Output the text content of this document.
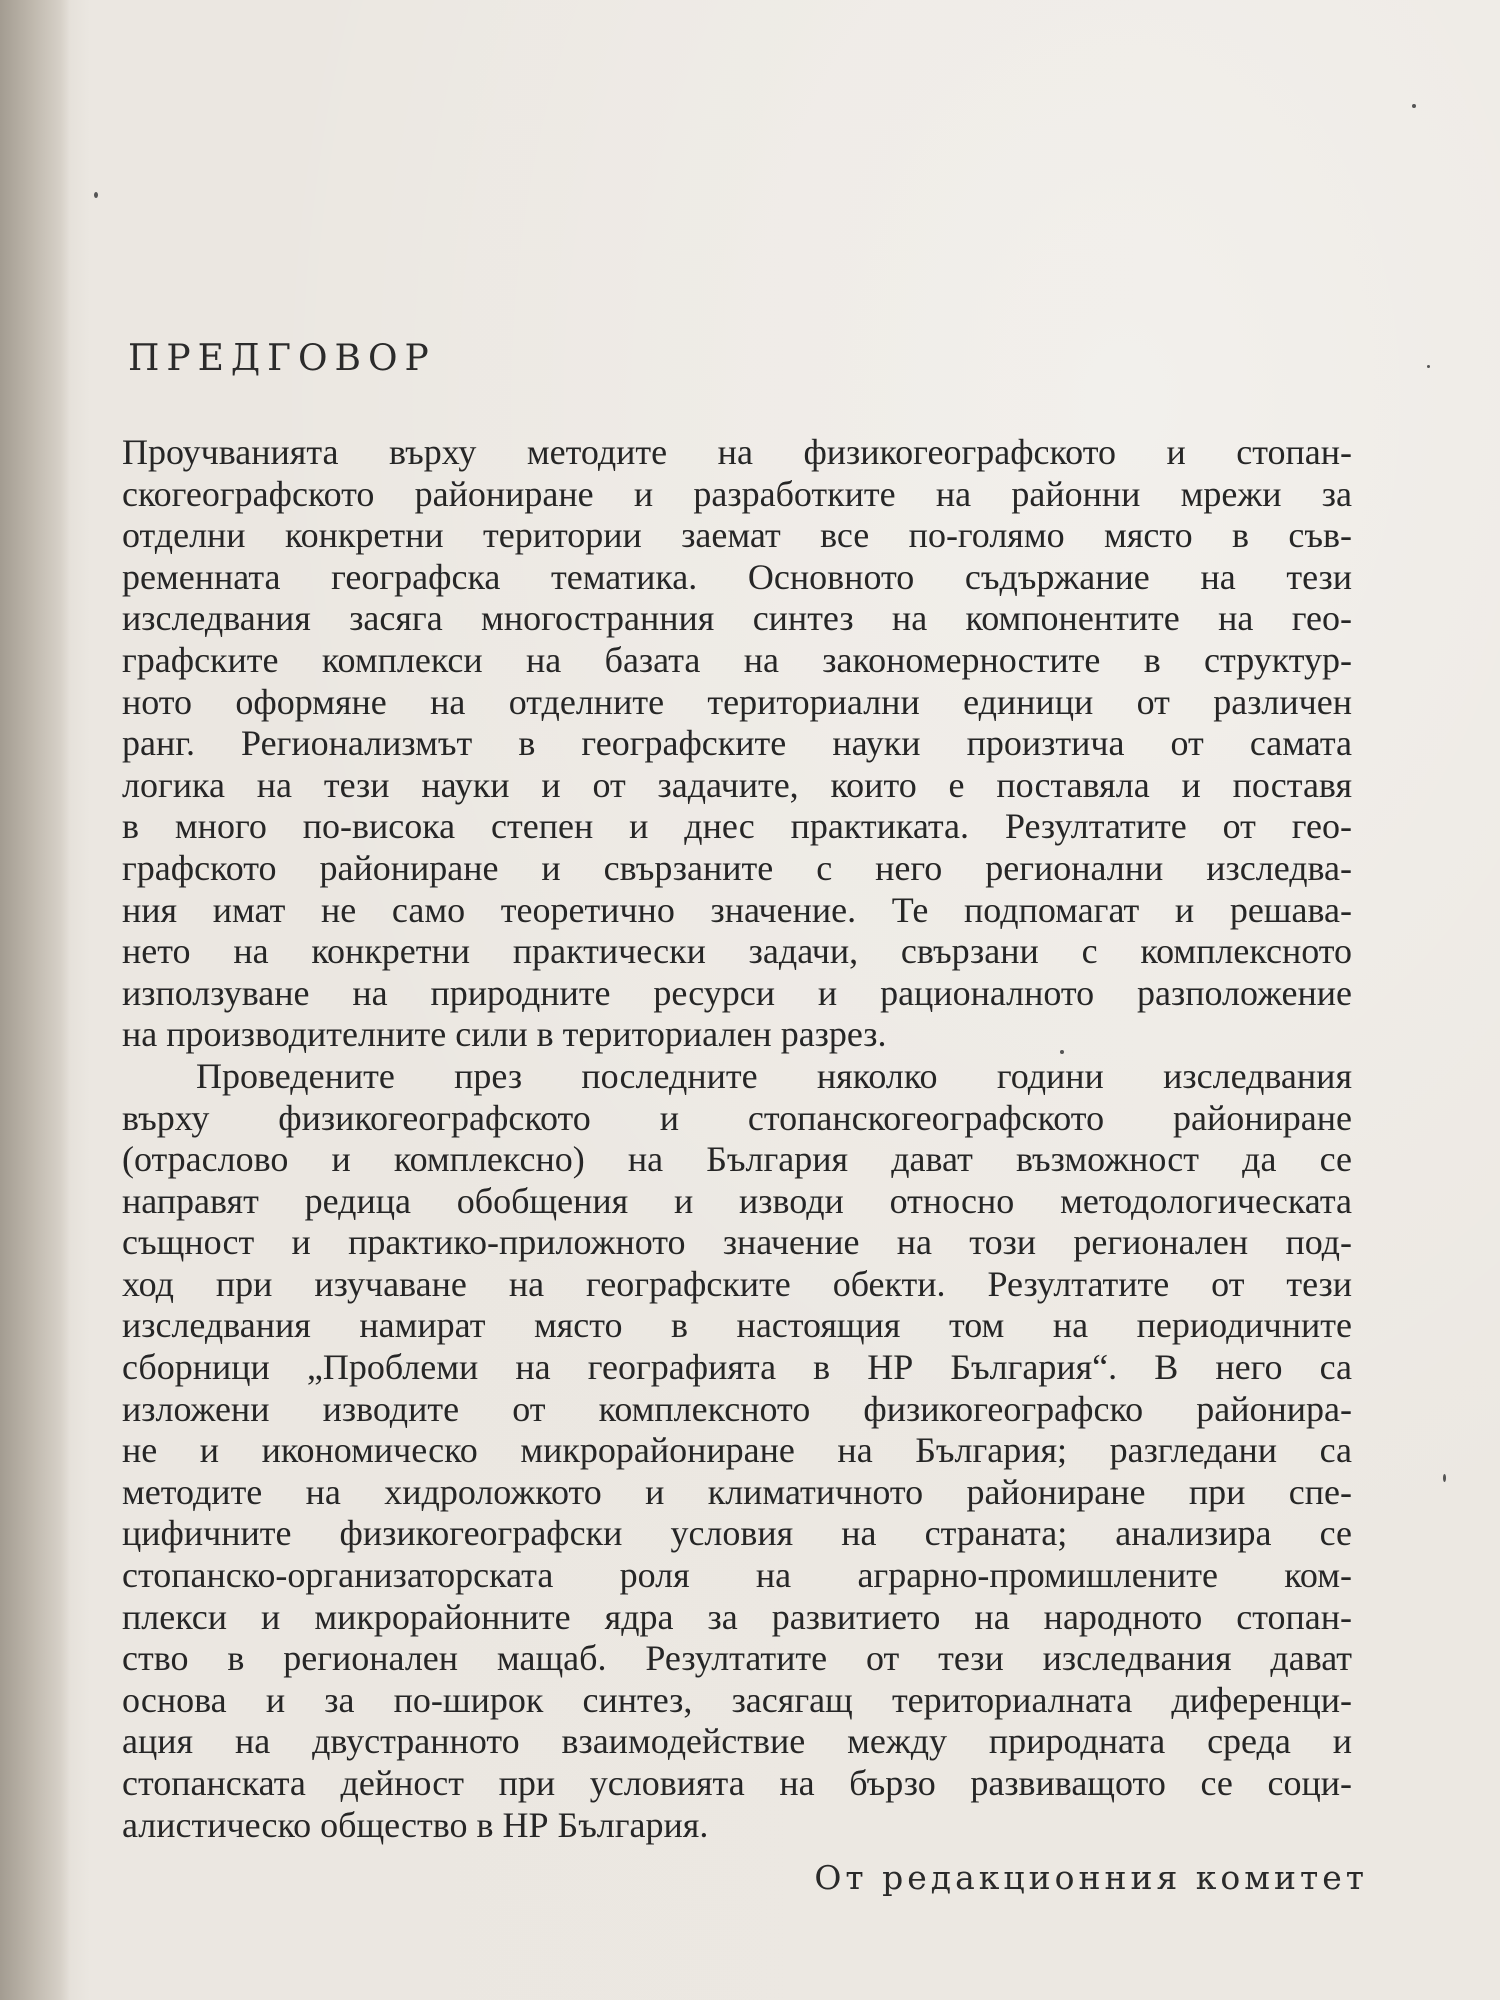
ПРЕДГОВОР
Проучванията върху методите на физикогеографското и стопан-
скогеографското райониране и разработките на районни мрежи за
отделни конкретни територии заемат все по-голямо място в съв-
ременната географска тематика. Основното съдържание на тези
изследвания засяга многостранния синтез на компонентите на гео-
графските комплекси на базата на закономерностите в структур-
ното оформяне на отделните териториални единици от различен
ранг. Регионализмът в географските науки произтича от самата
логика на тези науки и от задачите, които е поставяла и поставя
в много по-висока степен и днес практиката. Резултатите от гео-
графското райониране и свързаните с него регионални изследва-
ния имат не само теоретично значение. Те подпомагат и решава-
нето на конкретни практически задачи, свързани с комплексното
използуване на природните ресурси и рационалното разположение
на производителните сили в териториален разрез.
Проведените през последните няколко години изследвания
върху физикогеографското и стопанскогеографското райониране
(отраслово и комплексно) на България дават възможност да се
направят редица обобщения и изводи относно методологическата
същност и практико-приложното значение на този регионален под-
ход при изучаване на географските обекти. Резултатите от тези
изследвания намират място в настоящия том на периодичните
сборници „Проблеми на географията в НР България“. В него са
изложени изводите от комплексното физикогеографско райониpa-
не и икономическо микрорайониране на България; разгледани са
методите на хидроложкото и климатичното райониране при спе-
цифичните физикогеографски условия на страната; анализира се
стопанско-организаторската роля на аграрно-промишлените ком-
плекси и микрорайонните ядра за развитието на народното стопан-
ство в регионален мащаб. Резултатите от тези изследвания дават
основа и за по-широк синтез, засягащ териториалната диференци-
ация на двустранното взаимодействие между природната среда и
стопанската дейност при условията на бързо развиващото се соци-
алистическо общество в НР България.
От редакционния комитет
